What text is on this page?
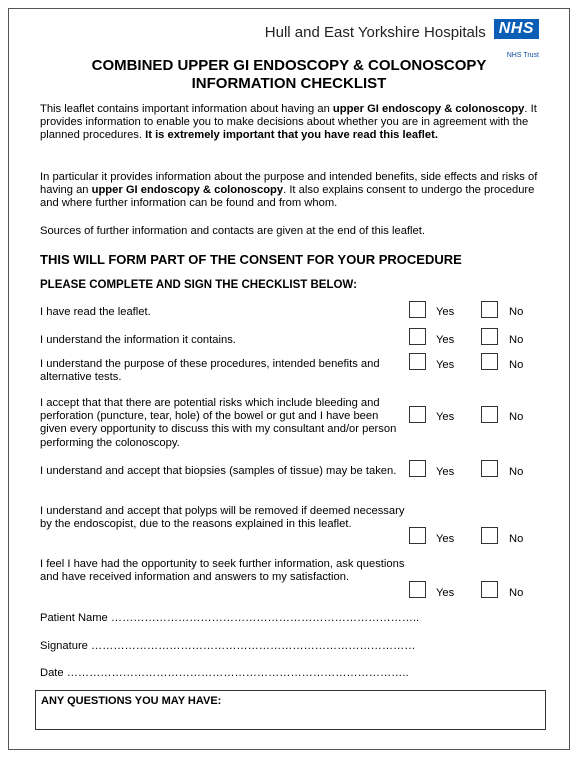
Hull and East Yorkshire Hospitals NHS
NHS Trust
COMBINED UPPER GI ENDOSCOPY & COLONOSCOPY
INFORMATION CHECKLIST
This leaflet contains important information about having an upper GI endoscopy & colonoscopy. It provides information to enable you to make decisions about whether you are in agreement with the planned procedures. It is extremely important that you have read this leaflet.
In particular it provides information about the purpose and intended benefits, side effects and risks of having an upper GI endoscopy & colonoscopy. It also explains consent to undergo the procedure and where further information can be found and from whom.
Sources of further information and contacts are given at the end of this leaflet.
THIS WILL FORM PART OF THE CONSENT FOR YOUR PROCEDURE
PLEASE COMPLETE AND SIGN THE CHECKLIST BELOW:
I have read the leaflet.	Yes	No
I understand the information it contains.	Yes	No
I understand the purpose of these procedures, intended benefits and alternative tests.
Yes	No
I accept that that there are potential risks which include bleeding and perforation (puncture, tear, hole) of the bowel or gut and I have been given every opportunity to discuss this with my consultant and/or person performing the colonoscopy.
Yes	No
I understand and accept that biopsies (samples of tissue) may be taken.	Yes	No
I understand and accept that polyps will be removed if deemed necessary by the endoscopist, due to the reasons explained in this leaflet.
Yes	No
I feel I have had the opportunity to seek further information, ask questions and have received information and answers to my satisfaction.
Yes	No
Patient Name ………………………………………………………………………..
Signature ……………………………………………………………………………
Date ………………………………………………………………………………..
ANY QUESTIONS YOU MAY HAVE:
